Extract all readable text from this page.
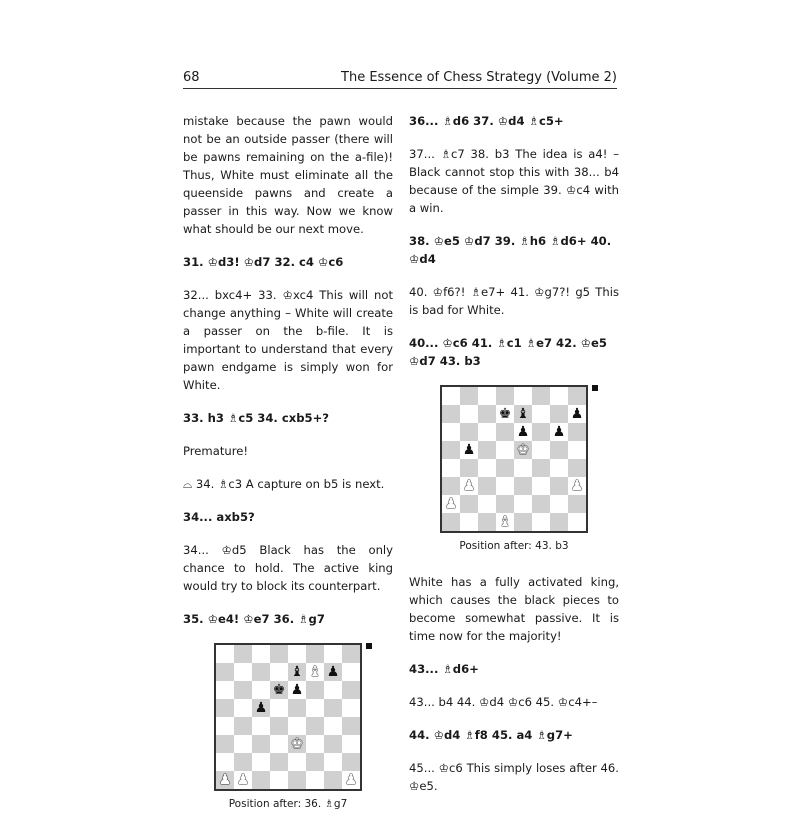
68	The Essence of Chess Strategy (Volume 2)

mistake because the pawn would not be an outside passer (there will be pawns remaining on the a-file)! Thus, White must eliminate all the queenside pawns and create a passer in this way. Now we know what should be our next move.

31. ♔d3! ♔d7 32. c4 ♔c6

32... bxc4+ 33. ♔xc4 This will not change anything – White will create a passer on the b-file. It is important to understand that every pawn endgame is simply won for White.

33. h3 ♗c5 34. cxb5+?

Premature!

⌓ 34. ♗c3 A capture on b5 is next.

34... axb5?

34... ♔d5 Black has the only chance to hold. The active king would try to block its counterpart.

35. ♔e4! ♔e7 36. ♗g7

♝ ♝ ♟
♚ ♟
♟
♚
♟ ♟	♟
Position after: 36. ♗g7

36... ♗d6 37. ♔d4 ♗c5+

37... ♗c7 38. b3 The idea is a4! – Black cannot stop this with 38... b4 because of the simple 39. ♔c4 with a win.

38. ♔e5 ♔d7 39. ♗h6 ♗d6+ 40. ♔d4

40. ♔f6?! ♗e7+ 41. ♔g7?! g5 This is bad for White.

40... ♔c6 41. ♗c1 ♗e7 42. ♔e5 ♔d7 43. b3

♚ ♝	♟
♟ ♟
♟	♚
♟	♟
♟
♝
Position after: 43. b3

White has a fully activated king, which causes the black pieces to become somewhat passive. It is time now for the majority!

43... ♗d6+

43... b4 44. ♔d4 ♔c6 45. ♔c4+–

44. ♔d4 ♗f8 45. a4 ♗g7+

45... ♔c6 This simply loses after 46. ♔e5.
